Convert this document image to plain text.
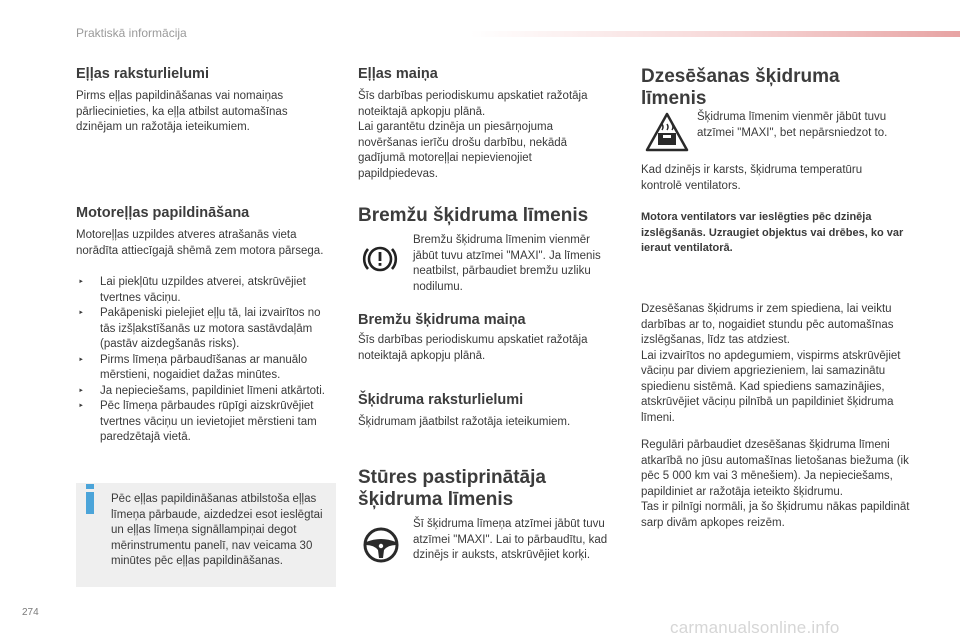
Praktiskā informācija
Eļļas raksturlielumi

Pirms eļļas papildināšanas vai nomaiņas pārliecinieties, ka eļļa atbilst automašīnas dzinējam un ražotāja ieteikumiem.

Motoreļļas papildināšana

Motoreļļas uzpildes atveres atrašanās vieta norādīta attiecīgajā shēmā zem motora pārsega.

‣ Lai piekļūtu uzpildes atverei, atskrūvējiet tvertnes vāciņu.
‣ Pakāpeniski pielejiet eļļu tā, lai izvairītos no tās izšļakstīšanās uz motora sastāvdaļām (pastāv aizdegšanās risks).
‣ Pirms līmeņa pārbaudīšanas ar manuālo mērstieni, nogaidiet dažas minūtes.
‣ Ja nepieciešams, papildiniet līmeni atkārtoti.
‣ Pēc līmeņa pārbaudes rūpīgi aizskrūvējiet tvertnes vāciņu un ievietojiet mērstieni tam paredzētajā vietā.

Pēc eļļas papildināšanas atbilstoša eļļas līmeņa pārbaude, aizdedzei esot ieslēgtai un eļļas līmeņa signāllampiņai degot mērinstrumentu panelī, nav veicama 30 minūtes pēc eļļas papildināšanas.

Eļļas maiņa

Šīs darbības periodiskumu apskatiet ražotāja noteiktajā apkopju plānā.
Lai garantētu dzinēja un piesārņojuma novēršanas ierīču drošu darbību, nekādā gadījumā motoreļļai nepievienojiet papildpiedevas.

Bremžu šķidruma līmenis

Bremžu šķidruma līmenim vienmēr jābūt tuvu atzīmei "MAXI". Ja līmenis neatbilst, pārbaudiet bremžu uzliku nodilumu.

Bremžu šķidruma maiņa

Šīs darbības periodiskumu apskatiet ražotāja noteiktajā apkopju plānā.

Šķidruma raksturlielumi

Šķidrumam jāatbilst ražotāja ieteikumiem.

Stūres pastiprinātāja šķidruma līmenis

Šī šķidruma līmeņa atzīmei jābūt tuvu atzīmei "MAXI". Lai to pārbaudītu, kad dzinējs ir auksts, atskrūvējiet korķi.

Dzesēšanas šķidruma līmenis

Šķidruma līmenim vienmēr jābūt tuvu atzīmei "MAXI", bet nepārsniedzot to.

Kad dzinējs ir karsts, šķidruma temperatūru kontrolē ventilators.

Motora ventilators var ieslēgties pēc dzinēja izslēgšanās. Uzraugiet objektus vai drēbes, ko var ieraut ventilatorā.

Dzesēšanas šķidrums ir zem spiediena, lai veiktu darbības ar to, nogaidiet stundu pēc automašīnas izslēgšanas, līdz tas atdziest.
Lai izvairītos no apdegumiem, vispirms atskrūvējiet vāciņu par diviem apgriezieniem, lai samazinātu spiedienu sistēmā. Kad spiediens samazinājies, atskrūvējiet vāciņu pilnībā un papildiniet šķidruma līmeni.

Regulāri pārbaudiet dzesēšanas šķidruma līmeni atkarībā no jūsu automašīnas lietošanas biežuma (ik pēc 5 000 km vai 3 mēnešiem). Ja nepieciešams, papildiniet ar ražotāja ieteikto šķidrumu.
Tas ir pilnīgi normāli, ja šo šķidrumu nākas papildināt sarp divām apkopes reizēm.

274
carmanualsonline.info
